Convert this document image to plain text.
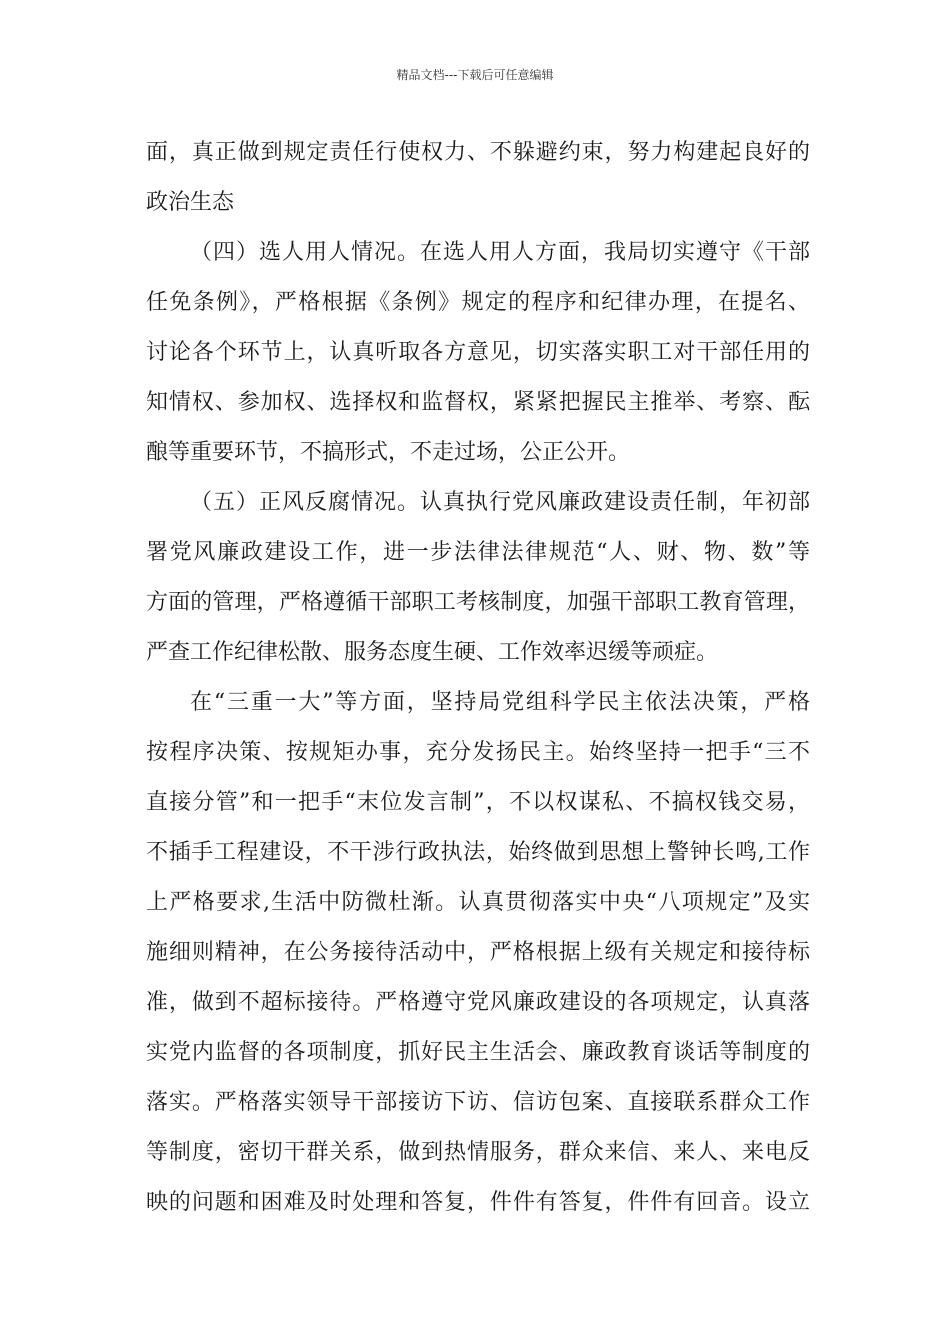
精品文档---下载后可任意编辑
面，真正做到规定责任行使权力、不躲避约束，努力构建起良好的
政治生态
（四）选人用人情况。在选人用人方面，我局切实遵守《干部
任免条例》，严格根据《条例》规定的程序和纪律办理，在提名、
讨论各个环节上，认真听取各方意见，切实落实职工对干部任用的
知情权、参加权、选择权和监督权，紧紧把握民主推举、考察、酝
酿等重要环节，不搞形式，不走过场，公正公开。
（五）正风反腐情况。认真执行党风廉政建设责任制，年初部
署党风廉政建设工作，进一步法律法律规范“人、财、物、数”等
方面的管理，严格遵循干部职工考核制度，加强干部职工教育管理，
严查工作纪律松散、服务态度生硬、工作效率迟缓等顽症。
在“三重一大”等方面，坚持局党组科学民主依法决策，严格
按程序决策、按规矩办事，充分发扬民主。始终坚持一把手“三不
直接分管”和一把手“末位发言制”，不以权谋私、不搞权钱交易，
不插手工程建设，不干涉行政执法，始终做到思想上警钟长鸣,工作
上严格要求,生活中防微杜渐。认真贯彻落实中央“八项规定”及实
施细则精神，在公务接待活动中，严格根据上级有关规定和接待标
准，做到不超标接待。严格遵守党风廉政建设的各项规定，认真落
实党内监督的各项制度，抓好民主生活会、廉政教育谈话等制度的
落实。严格落实领导干部接访下访、信访包案、直接联系群众工作
等制度，密切干群关系，做到热情服务，群众来信、来人、来电反
映的问题和困难及时处理和答复，件件有答复，件件有回音。设立
